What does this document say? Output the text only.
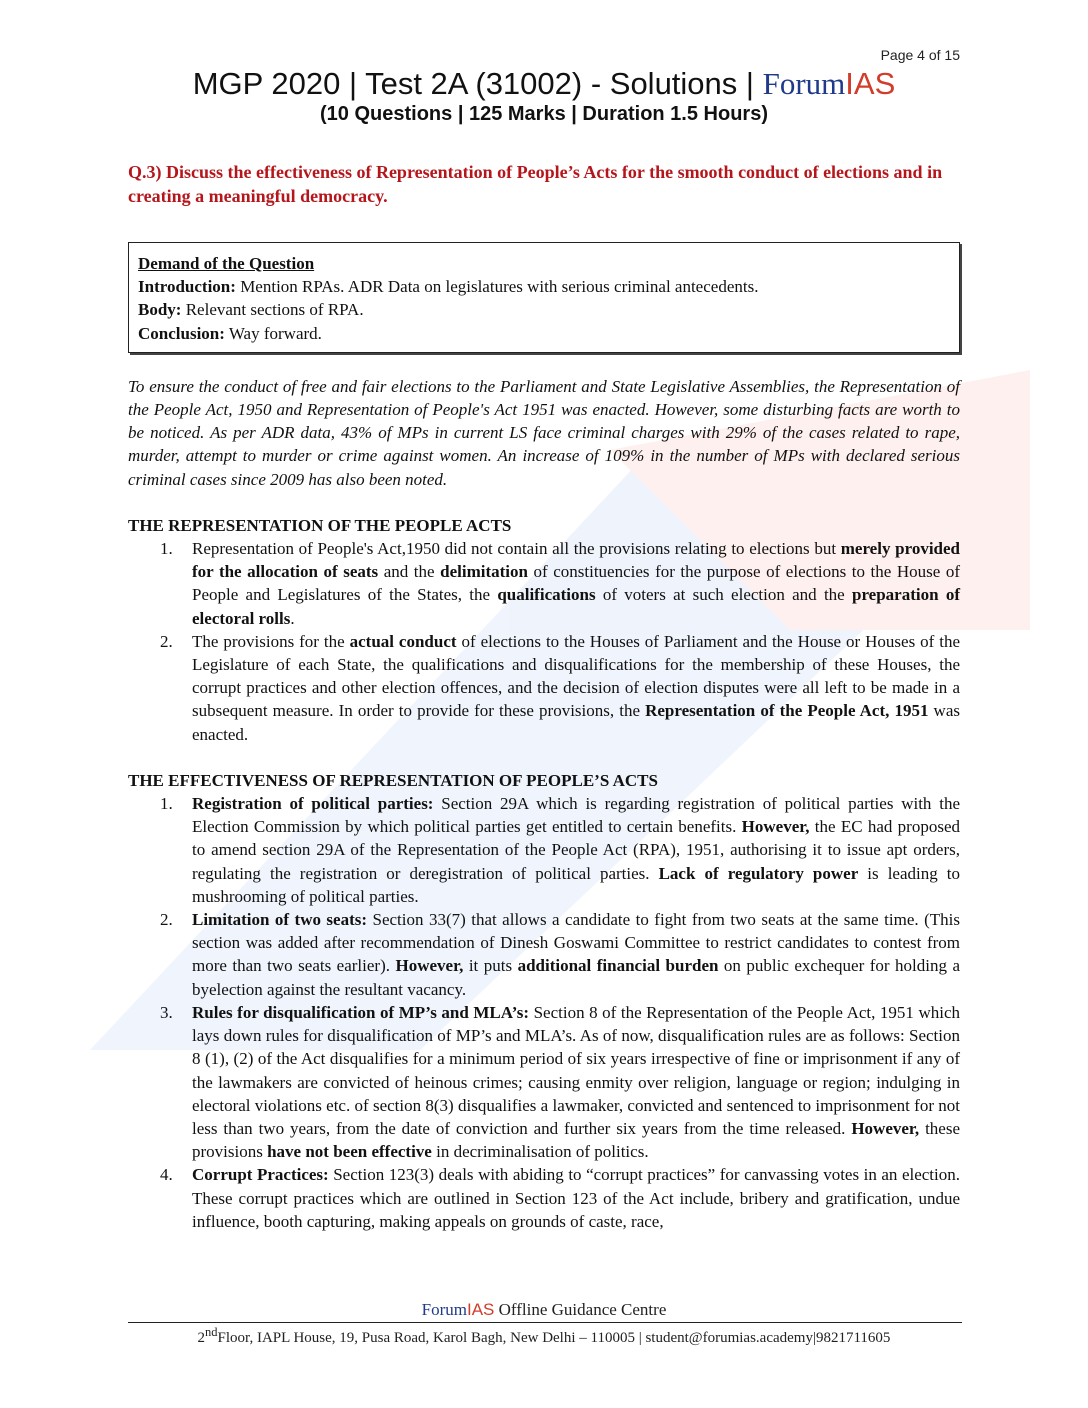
Page 4 of 15
MGP 2020 | Test 2A (31002) - Solutions | ForumIAS
(10 Questions | 125 Marks | Duration 1.5 Hours)

Q.3) Discuss the effectiveness of Representation of People’s Acts for the smooth conduct of elections and in creating a meaningful democracy.

Demand of the Question

Introduction: Mention RPAs. ADR Data on legislatures with serious criminal antecedents.

Body: Relevant sections of RPA.

Conclusion: Way forward.

To ensure the conduct of free and fair elections to the Parliament and State Legislative Assemblies, the Representation of the People Act, 1950 and Representation of People's Act 1951 was enacted. However, some disturbing facts are worth to be noticed. As per ADR data, 43% of MPs in current LS face criminal charges with 29% of the cases related to rape, murder, attempt to murder or crime against women. An increase of 109% in the number of MPs with declared serious criminal cases since 2009 has also been noted.

THE REPRESENTATION OF THE PEOPLE ACTS
1. Representation of People's Act,1950 did not contain all the provisions relating to elections but merely provided for the allocation of seats and the delimitation of constituencies for the purpose of elections to the House of People and Legislatures of the States, the qualifications of voters at such election and the preparation of electoral rolls.
2. The provisions for the actual conduct of elections to the Houses of Parliament and the House or Houses of the Legislature of each State, the qualifications and disqualifications for the membership of these Houses, the corrupt practices and other election offences, and the decision of election disputes were all left to be made in a subsequent measure. In order to provide for these provisions, the Representation of the People Act, 1951 was enacted.
THE EFFECTIVENESS OF REPRESENTATION OF PEOPLE’S ACTS
1. Registration of political parties: Section 29A which is regarding registration of political parties with the Election Commission by which political parties get entitled to certain benefits. However, the EC had proposed to amend section 29A of the Representation of the People Act (RPA), 1951, authorising it to issue apt orders, regulating the registration or deregistration of political parties. Lack of regulatory power is leading to mushrooming of political parties.
2. Limitation of two seats: Section 33(7) that allows a candidate to fight from two seats at the same time. (This section was added after recommendation of Dinesh Goswami Committee to restrict candidates to contest from more than two seats earlier). However, it puts additional financial burden on public exchequer for holding a byelection against the resultant vacancy.
3. Rules for disqualification of MP’s and MLA’s: Section 8 of the Representation of the People Act, 1951 which lays down rules for disqualification of MP’s and MLA’s. As of now, disqualification rules are as follows: Section 8 (1), (2) of the Act disqualifies for a minimum period of six years irrespective of fine or imprisonment if any of the lawmakers are convicted of heinous crimes; causing enmity over religion, language or region; indulging in electoral violations etc. of section 8(3) disqualifies a lawmaker, convicted and sentenced to imprisonment for not less than two years, from the date of conviction and further six years from the time released. However, these provisions have not been effective in decriminalisation of politics.
4. Corrupt Practices: Section 123(3) deals with abiding to “corrupt practices” for canvassing votes in an election. These corrupt practices which are outlined in Section 123 of the Act include, bribery and gratification, undue influence, booth capturing, making appeals on grounds of caste, race,
ForumIAS Offline Guidance Centre
2ndFloor, IAPL House, 19, Pusa Road, Karol Bagh, New Delhi – 110005 | student@forumias.academy|9821711605
